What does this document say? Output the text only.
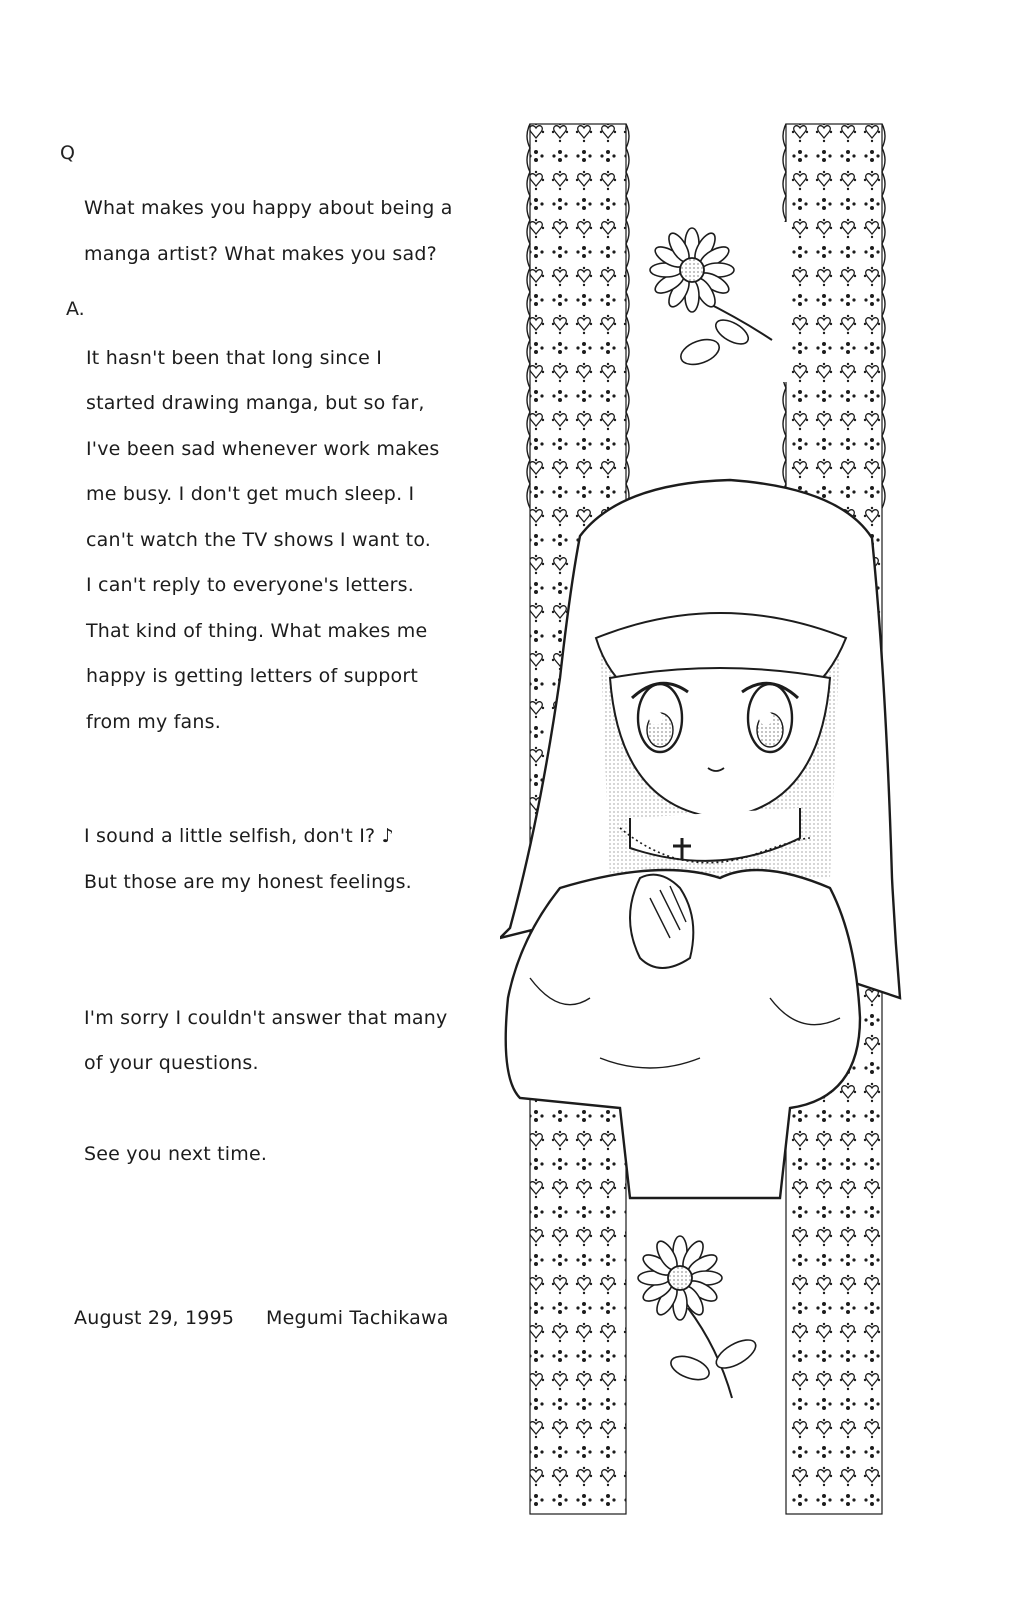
Q
What makes you happy about being a
manga artist? What makes you sad?
A.
It hasn't been that long since I
started drawing manga, but so far,
I've been sad whenever work makes
me busy. I don't get much sleep. I
can't watch the TV shows I want to.
I can't reply to everyone's letters.
That kind of thing. What makes me
happy is getting letters of support
from my fans.
I sound a little selfish, don't I? ♪
But those are my honest feelings.
I'm sorry I couldn't answer that many
of your questions.
See you next time.
August 29, 1995 Megumi Tachikawa
